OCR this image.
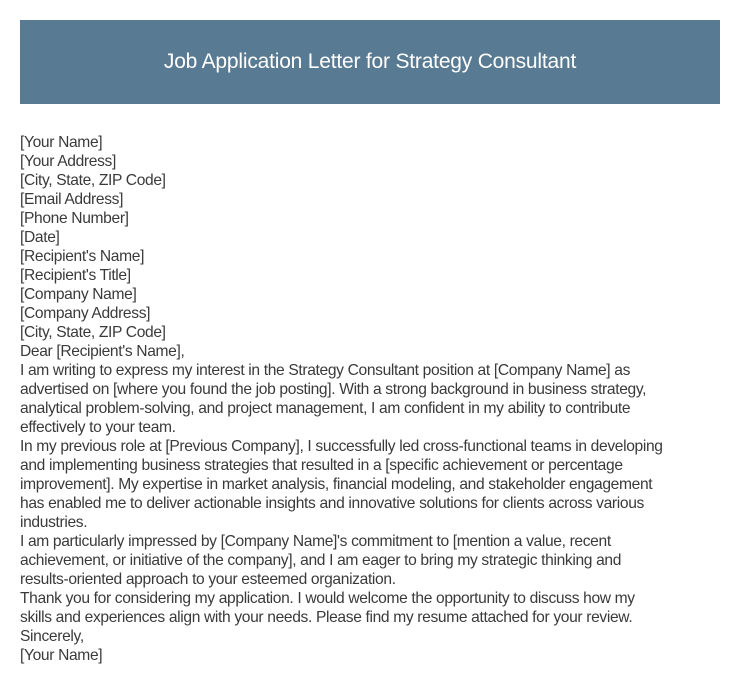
Job Application Letter for Strategy Consultant
[Your Name]
[Your Address]
[City, State, ZIP Code]
[Email Address]
[Phone Number]
[Date]
[Recipient's Name]
[Recipient's Title]
[Company Name]
[Company Address]
[City, State, ZIP Code]
Dear [Recipient's Name],
I am writing to express my interest in the Strategy Consultant position at [Company Name] as
advertised on [where you found the job posting]. With a strong background in business strategy,
analytical problem-solving, and project management, I am confident in my ability to contribute
effectively to your team.
In my previous role at [Previous Company], I successfully led cross-functional teams in developing
and implementing business strategies that resulted in a [specific achievement or percentage
improvement]. My expertise in market analysis, financial modeling, and stakeholder engagement
has enabled me to deliver actionable insights and innovative solutions for clients across various
industries.
I am particularly impressed by [Company Name]'s commitment to [mention a value, recent
achievement, or initiative of the company], and I am eager to bring my strategic thinking and
results-oriented approach to your esteemed organization.
Thank you for considering my application. I would welcome the opportunity to discuss how my
skills and experiences align with your needs. Please find my resume attached for your review.
Sincerely,
[Your Name]
